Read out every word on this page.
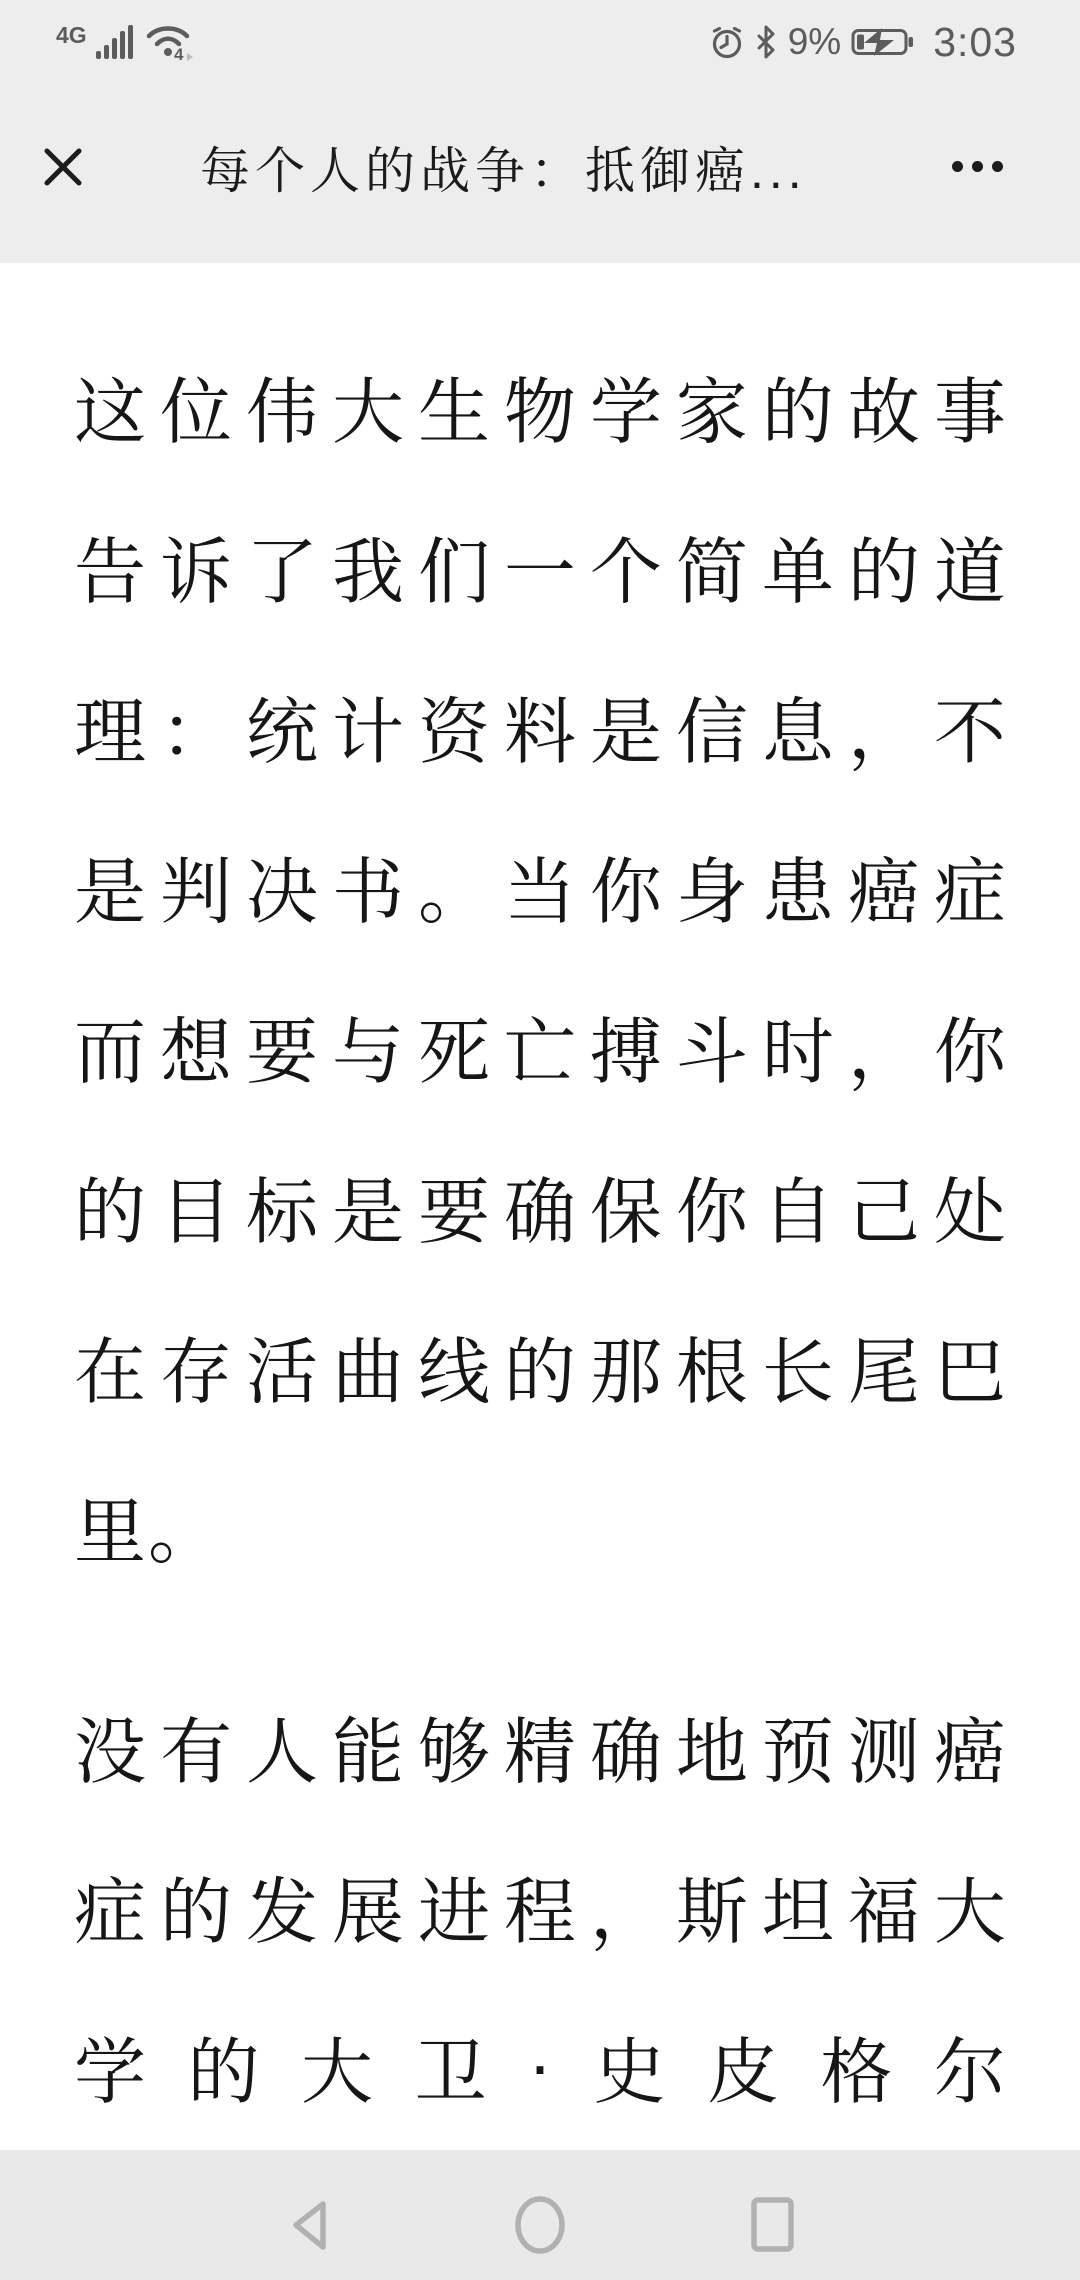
4G
4	9% 3:03
每个人的战争：抵御癌...
这 位 伟 大 生 物 学 家 的 故 事
告 诉 了 我 们 一 个 简 单 的 道
理 ： 统 计 资 料 是 信 息 ， 不
是 判 决 书 。 当 你 身 患 癌 症
而 想 要 与 死 亡 搏 斗 时 ， 你
的 目 标 是 要 确 保 你 自 己 处
在 存 活 曲 线 的 那 根 长 尾 巴
里。
没 有 人 能 够 精 确 地 预 测 癌
症 的 发 展 进 程 ， 斯 坦 福 大
学 的 大 卫 · 史 皮 格 尔
